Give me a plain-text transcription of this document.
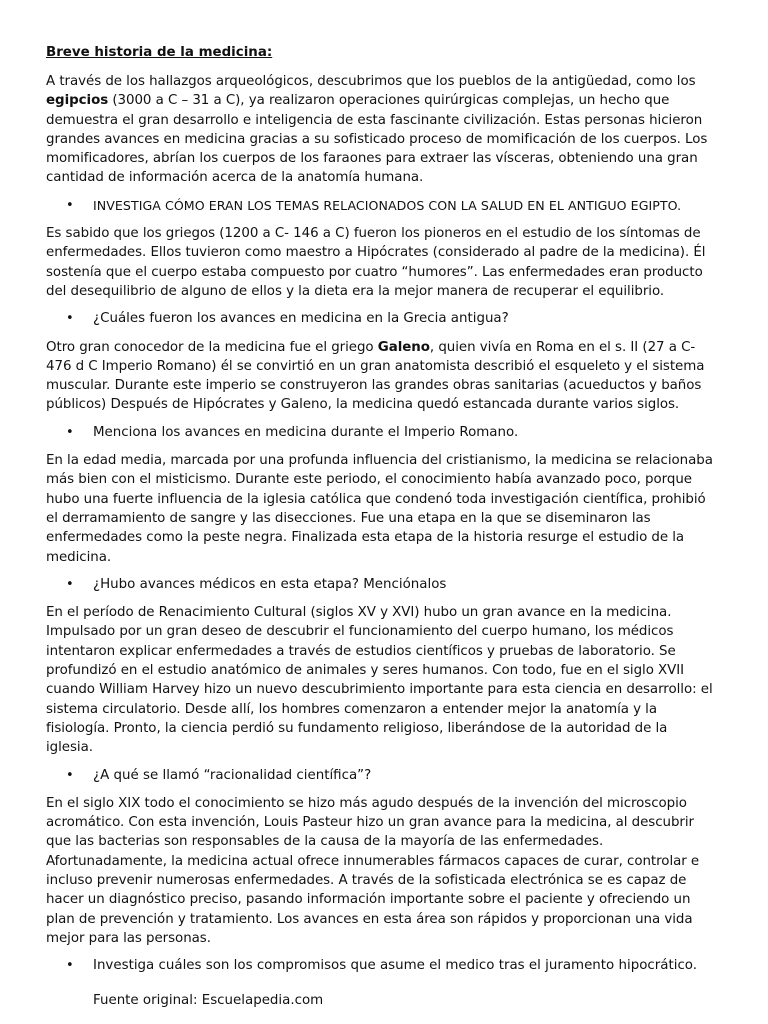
Breve historia de la medicina:

A través de los hallazgos arqueológicos, descubrimos que los pueblos de la antigüedad, como los egipcios (3000 a C – 31 a C), ya realizaron operaciones quirúrgicas complejas, un hecho que demuestra el gran desarrollo e inteligencia de esta fascinante civilización. Estas personas hicieron grandes avances en medicina gracias a su sofisticado proceso de momificación de los cuerpos. Los momificadores, abrían los cuerpos de los faraones para extraer las vísceras, obteniendo una gran cantidad de información acerca de la anatomía humana.

• INVESTIGA CÓMO ERAN LOS TEMAS RELACIONADOS CON LA SALUD EN EL ANTIGUO EGIPTO.

Es sabido que los griegos (1200 a C- 146 a C) fueron los pioneros en el estudio de los síntomas de enfermedades. Ellos tuvieron como maestro a Hipócrates (considerado al padre de la medicina). Él sostenía que el cuerpo estaba compuesto por cuatro “humores”. Las enfermedades eran producto del desequilibrio de alguno de ellos y la dieta era la mejor manera de recuperar el equilibrio.

• ¿Cuáles fueron los avances en medicina en la Grecia antigua?

Otro gran conocedor de la medicina fue el griego Galeno, quien vivía en Roma en el s. II (27 a C- 476 d C Imperio Romano) él se convirtió en un gran anatomista describió el esqueleto y el sistema muscular. Durante este imperio se construyeron las grandes obras sanitarias (acueductos y baños públicos) Después de Hipócrates y Galeno, la medicina quedó estancada durante varios siglos.

• Menciona los avances en medicina durante el Imperio Romano.

En la edad media, marcada por una profunda influencia del cristianismo, la medicina se relacionaba más bien con el misticismo. Durante este periodo, el conocimiento había avanzado poco, porque hubo una fuerte influencia de la iglesia católica que condenó toda investigación científica, prohibió el derramamiento de sangre y las disecciones. Fue una etapa en la que se diseminaron las enfermedades como la peste negra. Finalizada esta etapa de la historia resurge el estudio de la medicina.

• ¿Hubo avances médicos en esta etapa? Menciónalos

En el período de Renacimiento Cultural (siglos XV y XVI) hubo un gran avance en la medicina. Impulsado por un gran deseo de descubrir el funcionamiento del cuerpo humano, los médicos intentaron explicar enfermedades a través de estudios científicos y pruebas de laboratorio. Se profundizó en el estudio anatómico de animales y seres humanos. Con todo, fue en el siglo XVII cuando William Harvey hizo un nuevo descubrimiento importante para esta ciencia en desarrollo: el sistema circulatorio. Desde allí, los hombres comenzaron a entender mejor la anatomía y la fisiología. Pronto, la ciencia perdió su fundamento religioso, liberándose de la autoridad de la iglesia.

• ¿A qué se llamó “racionalidad científica”?

En el siglo XIX todo el conocimiento se hizo más agudo después de la invención del microscopio acromático. Con esta invención, Louis Pasteur hizo un gran avance para la medicina, al descubrir que las bacterias son responsables de la causa de la mayoría de las enfermedades. Afortunadamente, la medicina actual ofrece innumerables fármacos capaces de curar, controlar e incluso prevenir numerosas enfermedades. A través de la sofisticada electrónica se es capaz de hacer un diagnóstico preciso, pasando información importante sobre el paciente y ofreciendo un plan de prevención y tratamiento. Los avances en esta área son rápidos y proporcionan una vida mejor para las personas.

• Investiga cuáles son los compromisos que asume el medico tras el juramento hipocrático.
Fuente original: Escuelapedia.com
